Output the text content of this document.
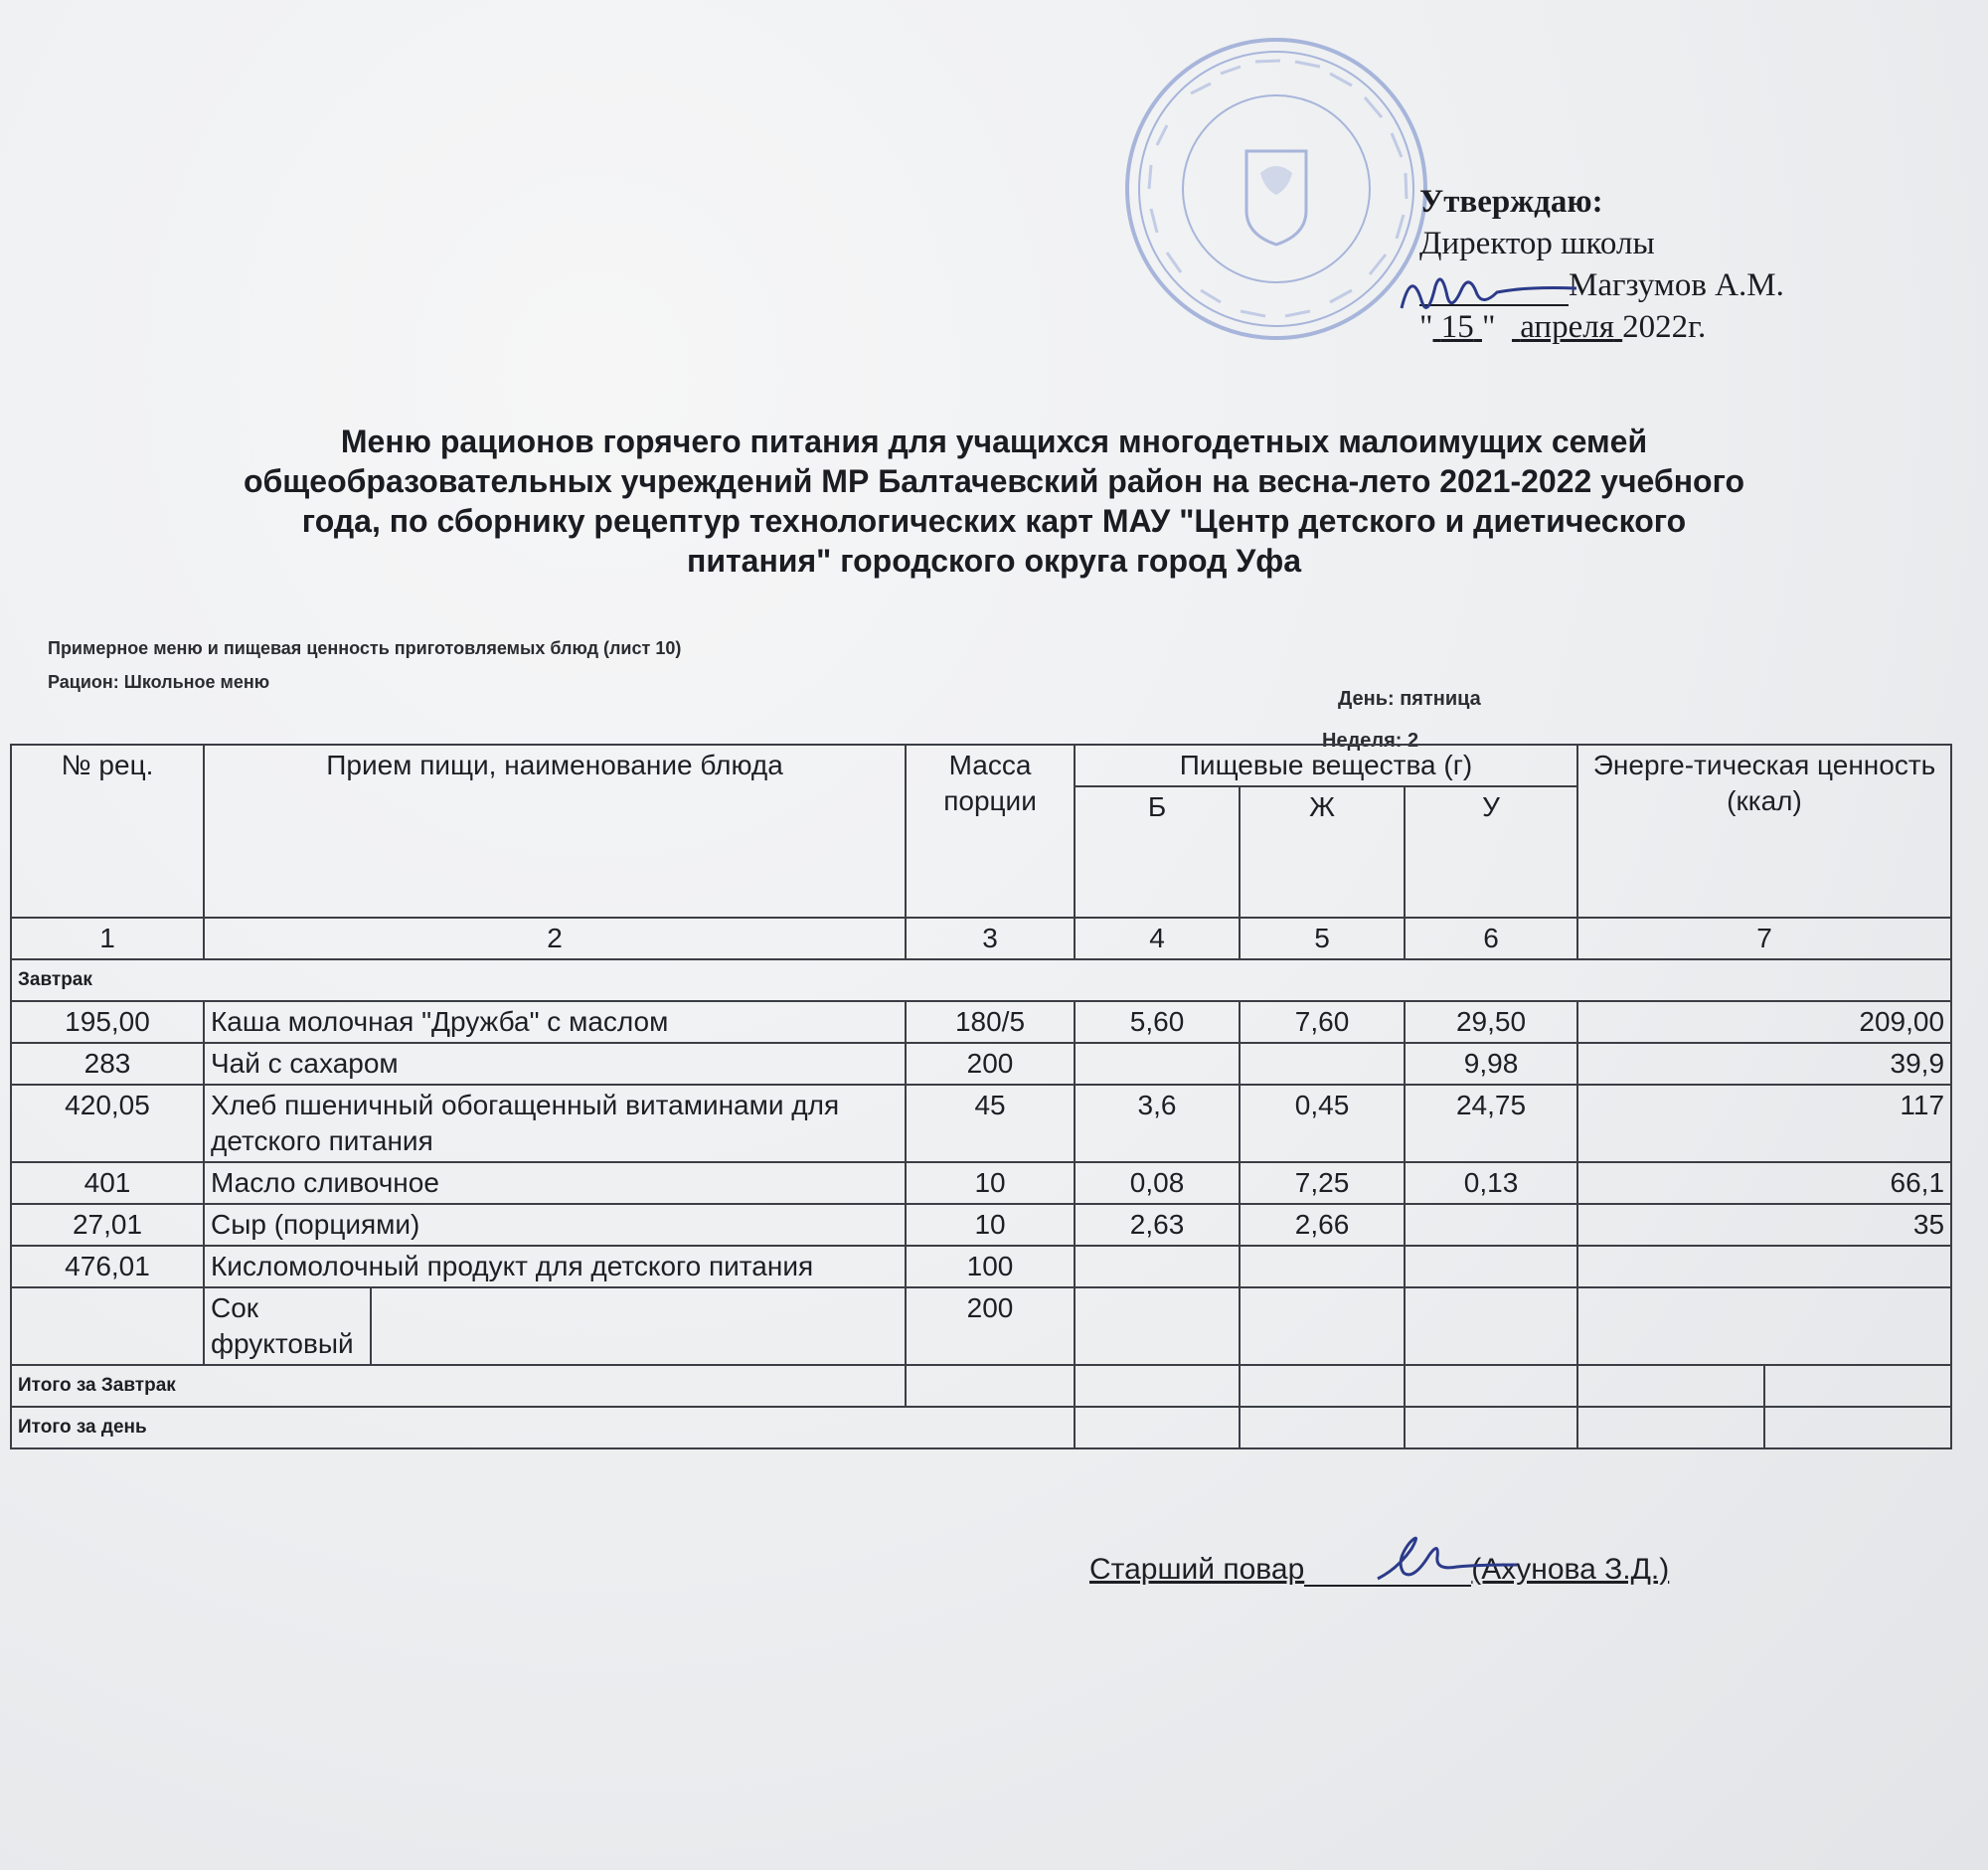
Утверждаю:
Директор школы
Магзумов А.М.
" 15 " апреля 2022г.
Меню рационов горячего питания для учащихся многодетных малоимущих семей
общеобразовательных учреждений МР Балтачевский район на весна-лето 2021-2022 учебного
года, по сборнику рецептур технологических карт МАУ "Центр детского и диетического
питания" городского округа город Уфа
Примерное меню и пищевая ценность приготовляемых блюд (лист 10)
Рацион: Школьное меню
День: пятница
Неделя: 2
№ рец.	Прием пищи, наименование блюда		Масса порции	Пищевые вещества (г)			Энерге-тическая ценность (ккал)	
				Б	Ж	У		
1	2		3	4	5	6	7	
Завтрак								
195,00	Каша молочная "Дружба" с маслом		180/5	5,60	7,60	29,50	209,00	
283	Чай с сахаром		200			9,98	39,9	
420,05	Хлеб пшеничный обогащенный витаминами для детского питания		45	3,6	0,45	24,75	117	
401	Масло сливочное		10	0,08	7,25	0,13	66,1	
27,01	Сыр (порциями)		10	2,63	2,66		35	
476,01	Кисломолочный продукт для детского питания		100					
	Сок фруктовый		200					
Итого за Завтрак								
Итого за день								
Старший повар	(Ахунова З.Д.)
